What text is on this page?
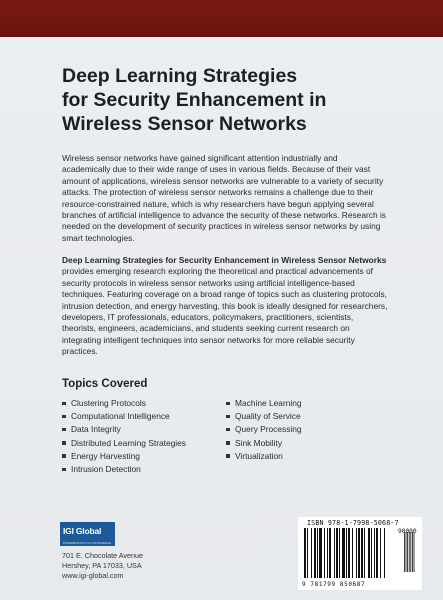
Deep Learning Strategies
for Security Enhancement in
Wireless Sensor Networks

Wireless sensor networks have gained significant attention industrially and academically due to their wide range of uses in various fields. Because of their vast amount of applications, wireless sensor networks are vulnerable to a variety of security attacks. The protection of wireless sensor networks remains a challenge due to their resource-constrained nature, which is why researchers have begun applying several branches of artificial intelligence to advance the security of these networks. Research is needed on the development of security practices in wireless sensor networks by using smart technologies.

Deep Learning Strategies for Security Enhancement in Wireless Sensor Networks provides emerging research exploring the theoretical and practical advancements of security protocols in wireless sensor networks using artificial intelligence-based techniques. Featuring coverage on a broad range of topics such as clustering protocols, intrusion detection, and energy harvesting, this book is ideally designed for researchers, developers, IT professionals, educators, policymakers, practitioners, scientists, theorists, engineers, academicians, and students seeking current research on integrating intelligent techniques into sensor networks for more reliable security practices.

Topics Covered
Clustering Protocols
Computational Intelligence
Data Integrity
Distributed Learning Strategies
Energy Harvesting
Intrusion Detection
Machine Learning
Quality of Service
Query Processing
Sink Mobility
Virtualization
IGI Global
DISSEMINATOR OF KNOWLEDGE
701 E. Chocolate Avenue
Hershey, PA 17033, USA
www.igi-global.com
ISBN 978-1-7998-5068-7
90000
9 781799 850687
